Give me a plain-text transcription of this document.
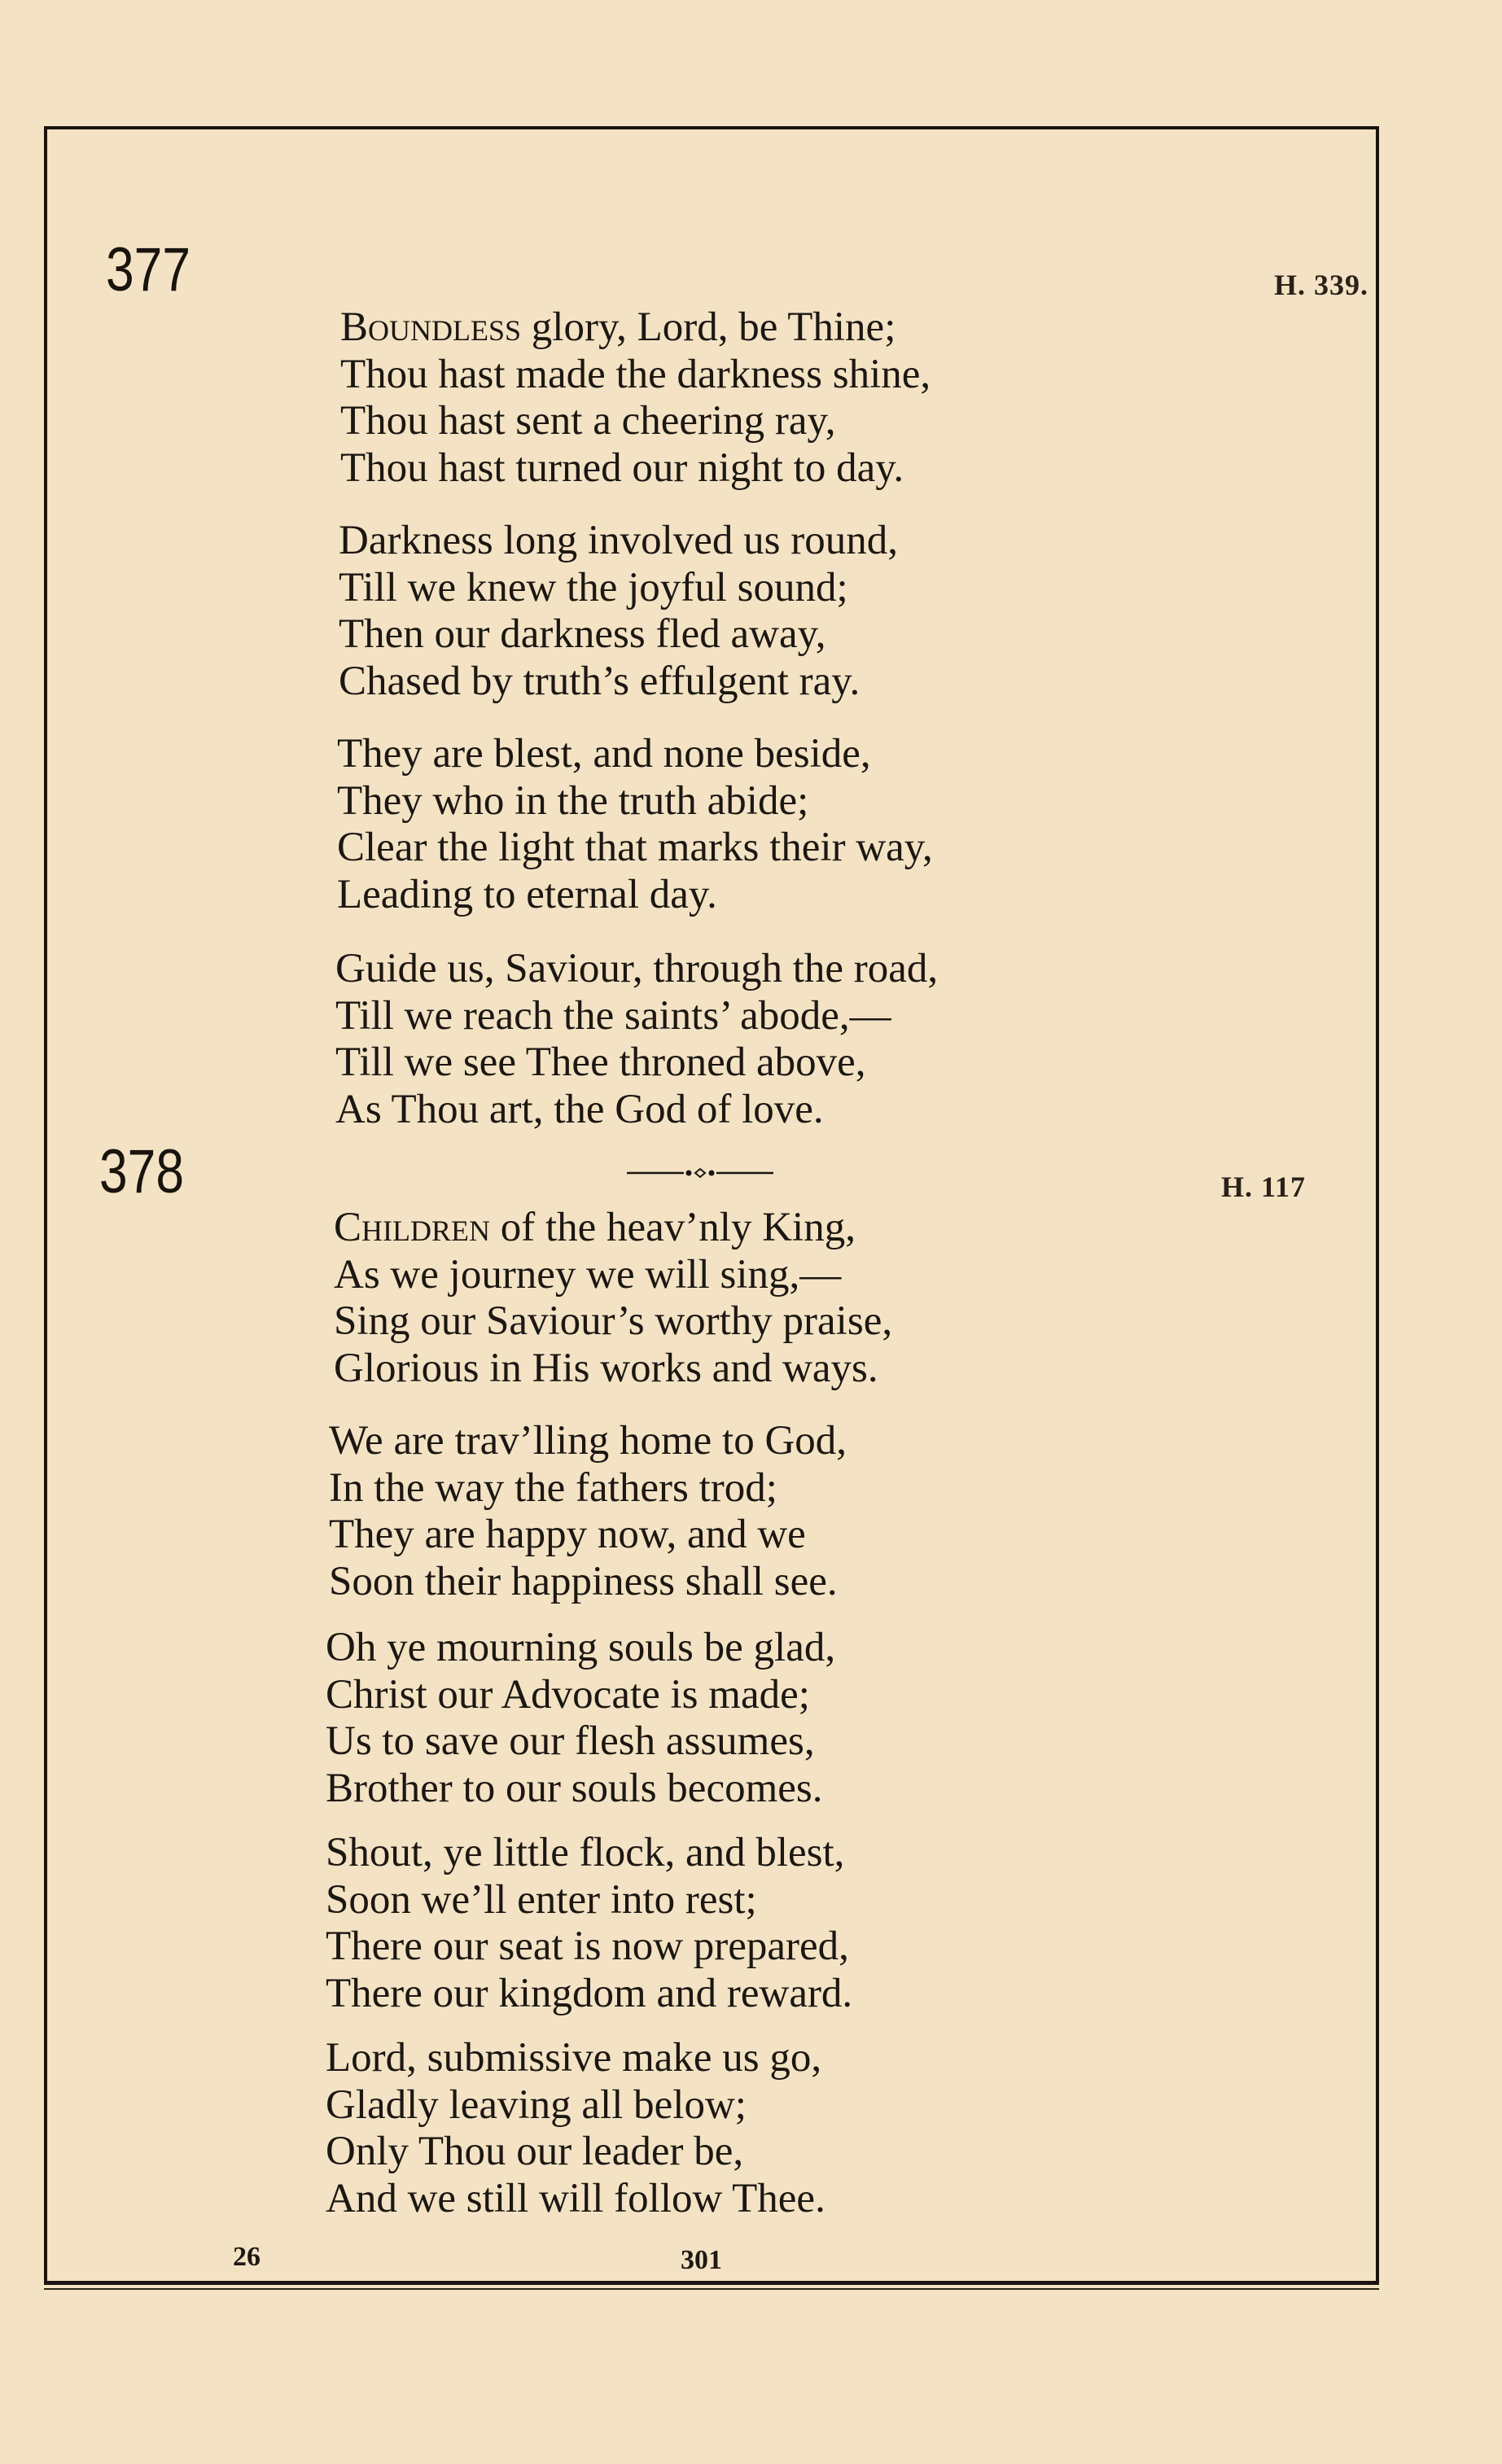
377	H. 339.
Boundless glory, Lord, be Thine;
Thou hast made the darkness shine,
Thou hast sent a cheering ray,
Thou hast turned our night to day.
Darkness long involved us round,
Till we knew the joyful sound;
Then our darkness fled away,
Chased by truth’s effulgent ray.
They are blest, and none beside,
They who in the truth abide;
Clear the light that marks their way,
Leading to eternal day.
Guide us, Saviour, through the road,
Till we reach the saints’ abode,—
Till we see Thee throned above,
As Thou art, the God of love.
378	H. 117
Children of the heav’nly King,
As we journey we will sing,—
Sing our Saviour’s worthy praise,
Glorious in His works and ways.
We are trav’lling home to God,
In the way the fathers trod;
They are happy now, and we
Soon their happiness shall see.
Oh ye mourning souls be glad,
Christ our Advocate is made;
Us to save our flesh assumes,
Brother to our souls becomes.
Shout, ye little flock, and blest,
Soon we’ll enter into rest;
There our seat is now prepared,
There our kingdom and reward.
Lord, submissive make us go,
Gladly leaving all below;
Only Thou our leader be,
And we still will follow Thee.
26	301
